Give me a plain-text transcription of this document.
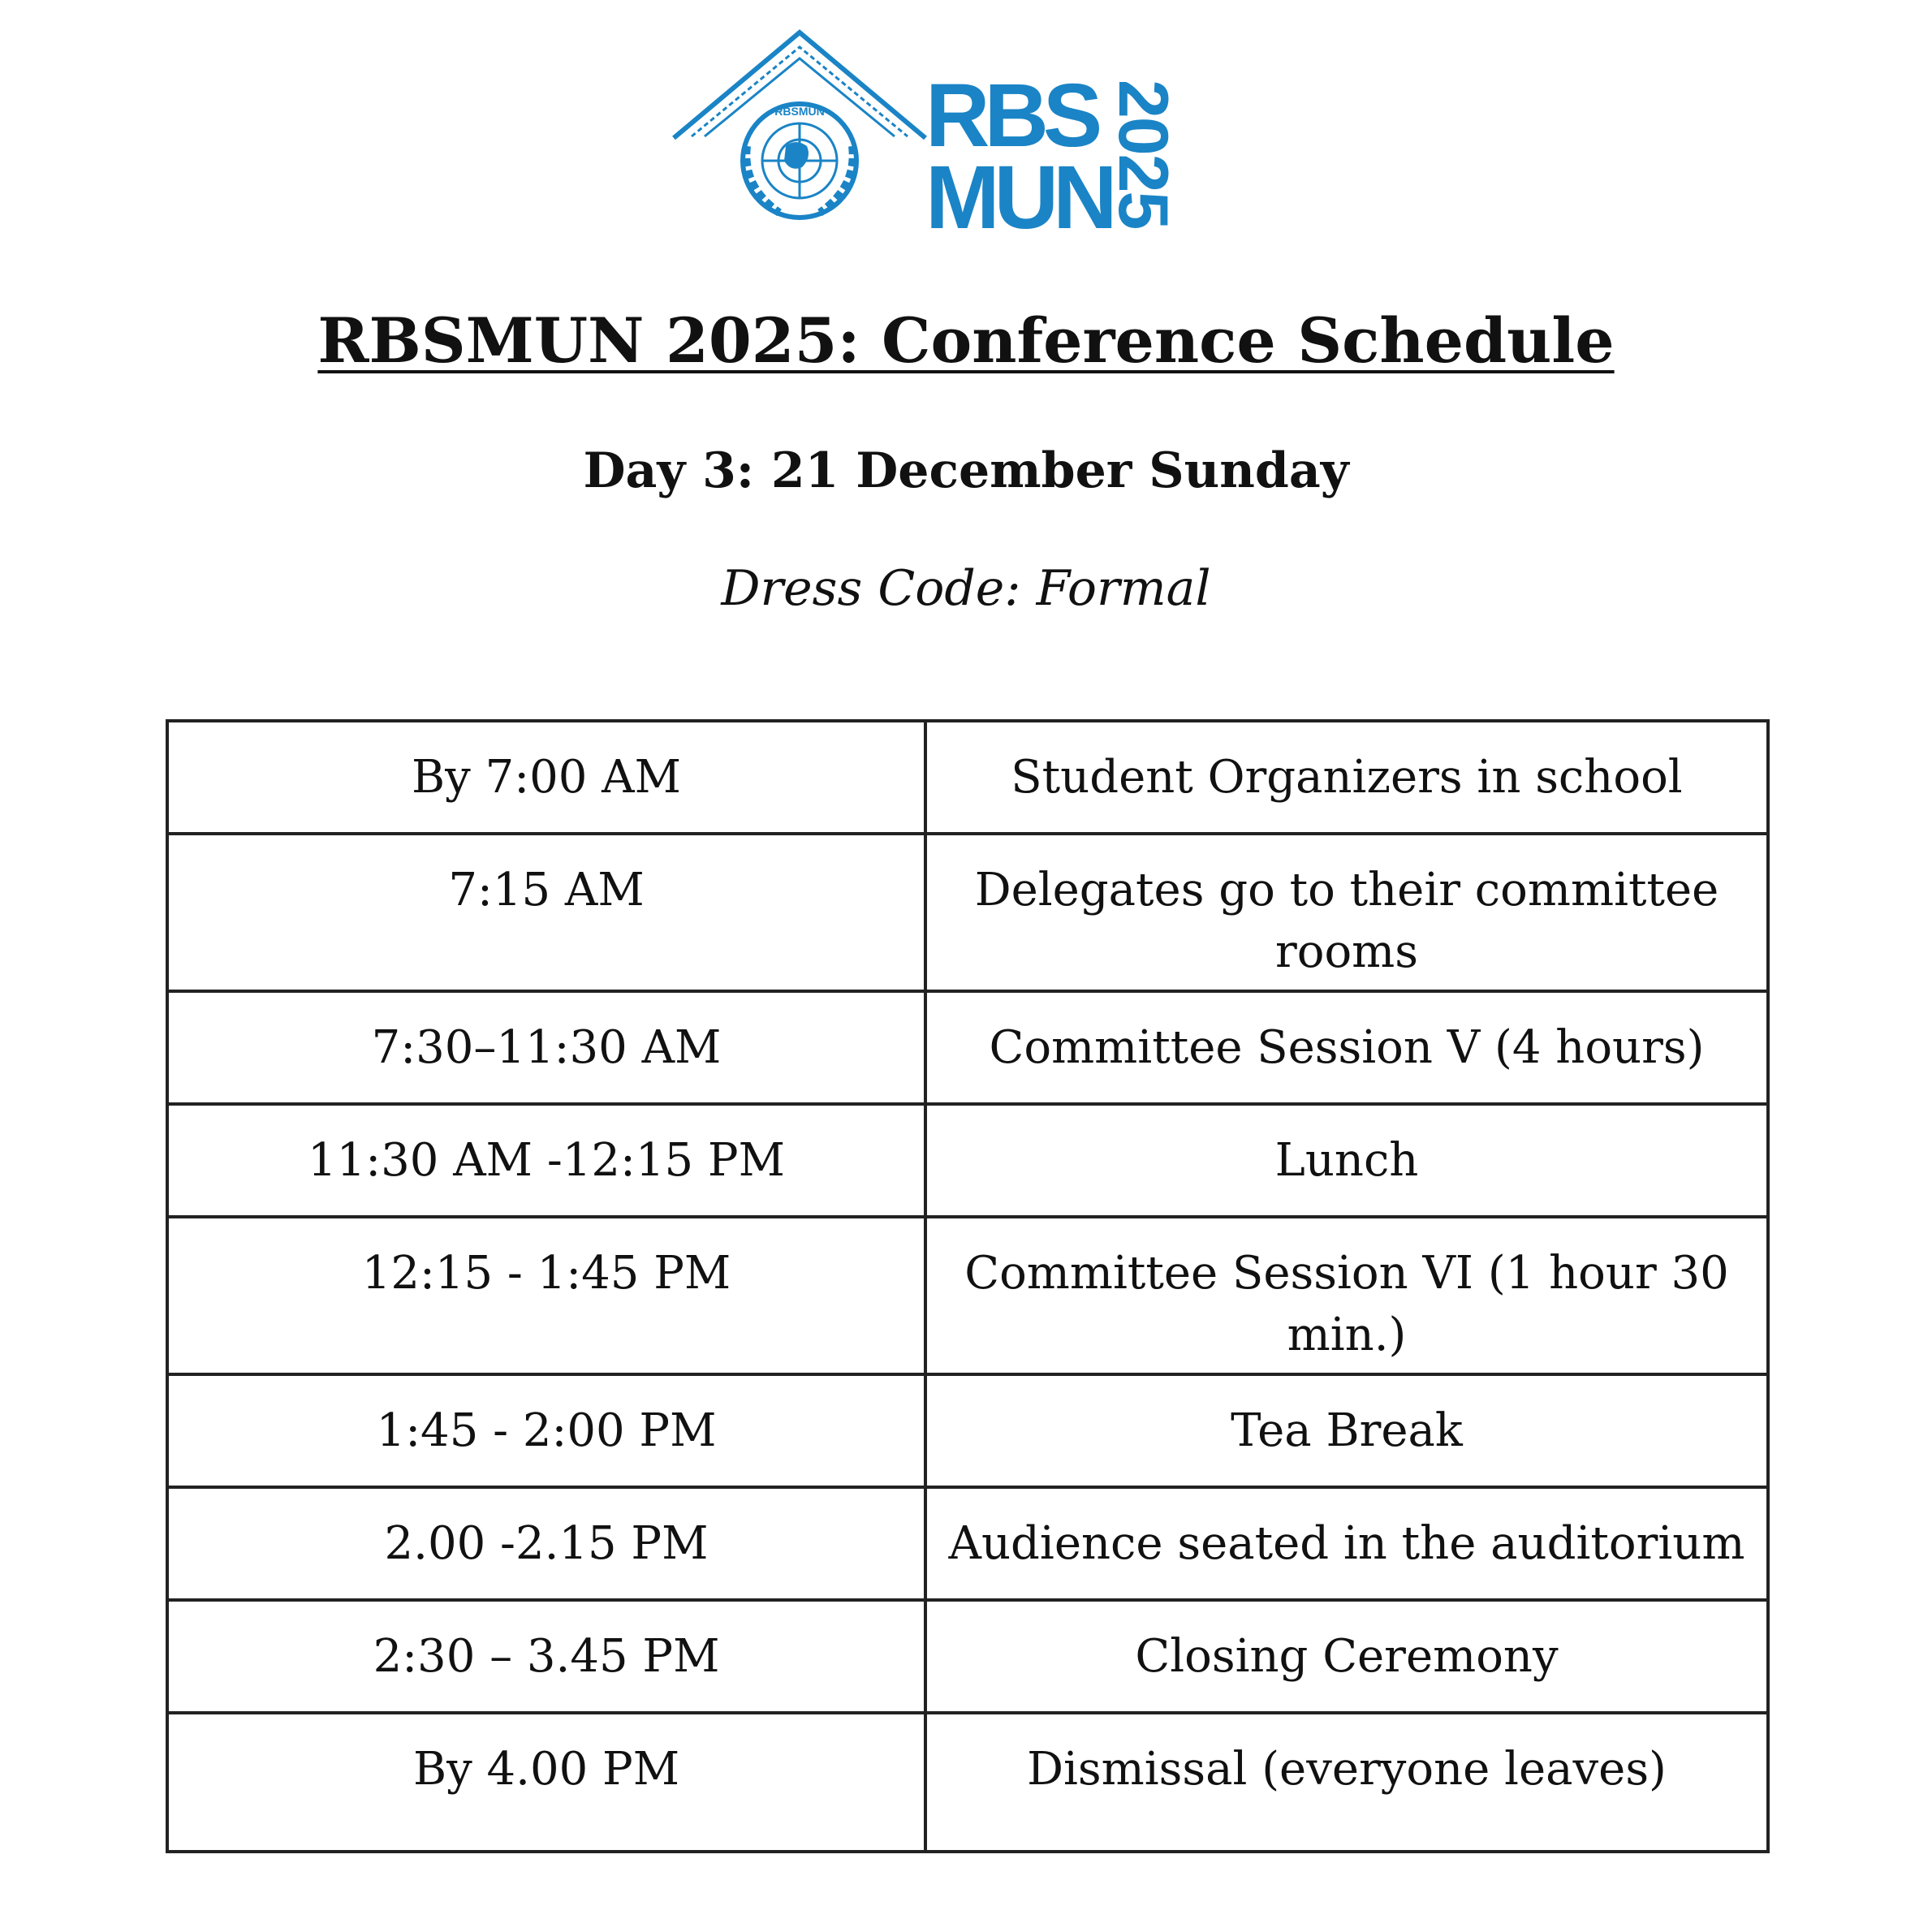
RBSMUN RBS
MUN
2025
RBSMUN 2025: Conference Schedule
Day 3: 21 December Sunday
Dress Code: Formal
By 7:00 AM	Student Organizers in school
7:15 AM	Delegates go to their committee rooms
7:30–11:30 AM	Committee Session V (4 hours)
11:30 AM -12:15 PM	Lunch
12:15 - 1:45 PM	Committee Session VI (1 hour 30 min.)
1:45 - 2:00 PM	Tea Break
2.00 -2.15 PM	Audience seated in the auditorium
2:30 – 3.45 PM	Closing Ceremony
By 4.00 PM	Dismissal (everyone leaves)
